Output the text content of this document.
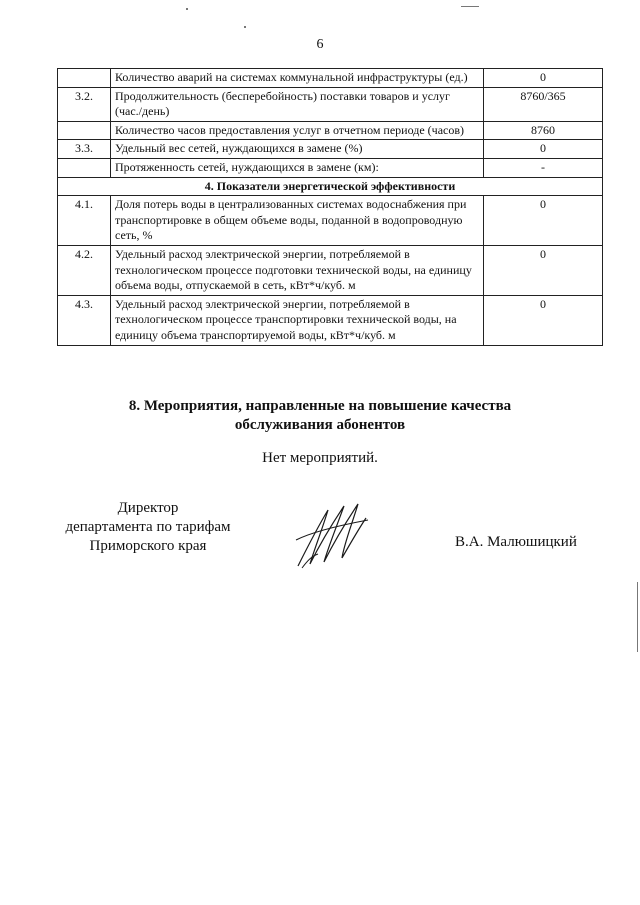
6
	Количество аварий на системах коммунальной инфраструктуры (ед.)	0
3.2.	Продолжительность (бесперебойность) поставки товаров и услуг (час./день)	8760/365
	Количество часов предоставления услуг в отчетном периоде (часов)	8760
3.3.	Удельный вес сетей, нуждающихся в замене (%)	0
	Протяженность сетей, нуждающихся в замене (км):	-
4. Показатели энергетической эффективности		
4.1.	Доля потерь воды в централизованных системах водоснабжения при транспортировке в общем объеме воды, поданной в водопроводную сеть, %	0
4.2.	Удельный расход электрической энергии, потребляемой в технологическом процессе подготовки технической воды, на единицу объема воды, отпускаемой в сеть, кВт*ч/куб. м	0
4.3.	Удельный расход электрической энергии, потребляемой в технологическом процессе транспортировки технической воды, на единицу объема транспортируемой воды, кВт*ч/куб. м	0
8. Мероприятия, направленные на повышение качества
обслуживания абонентов
Нет мероприятий.
Директор
департамента по тарифам
Приморского края	В.А. Малюшицкий
